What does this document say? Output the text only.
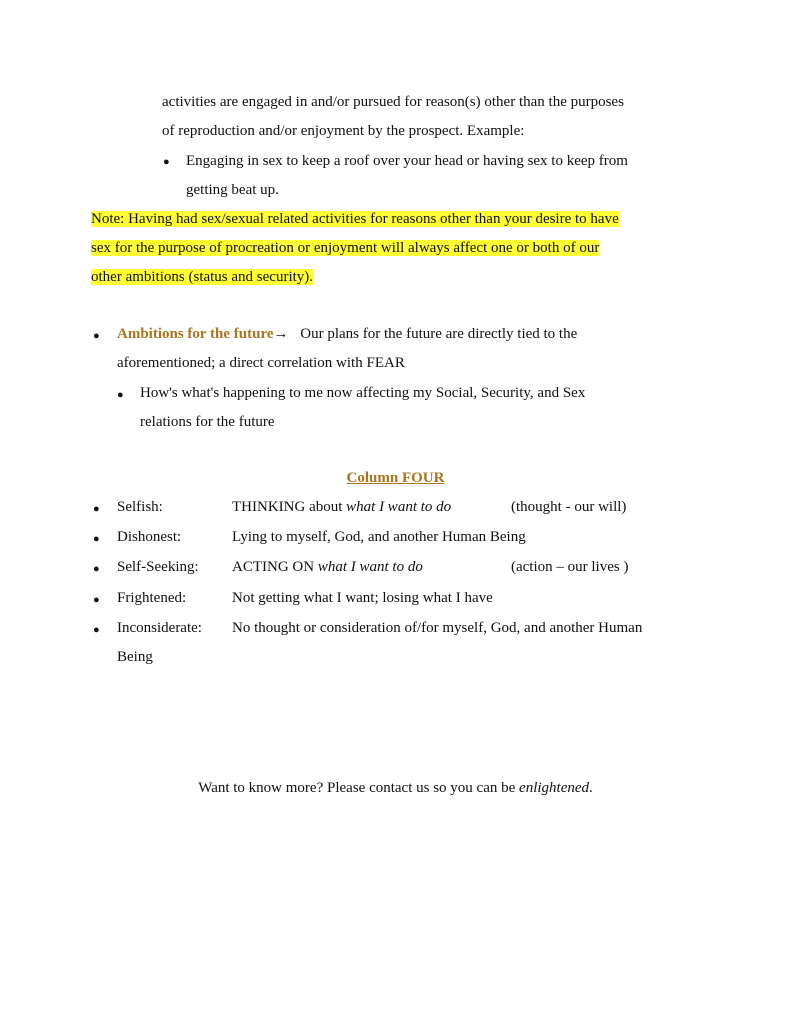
activities are engaged in and/or pursued for reason(s) other than the purposes
of reproduction and/or enjoyment by the prospect. Example:
● Engaging in sex to keep a roof over your head or having sex to keep from
getting beat up.
Note: Having had sex/sexual related activities for reasons other than your desire to have
sex for the purpose of procreation or enjoyment will always affect one or both of our
other ambitions (status and security).
● Ambitions for the future→ Our plans for the future are directly tied to the
aforementioned; a direct correlation with FEAR
● How's what's happening to me now affecting my Social, Security, and Sex
relations for the future
Column FOUR
● Selfish:	THINKING about what I want to do	(thought - our will)
● Dishonest:	Lying to myself, God, and another Human Being
● Self-Seeking: ACTING ON what I want to do	(action – our lives )
● Frightened:	Not getting what I want; losing what I have
● Inconsiderate: No thought or consideration of/for myself, God, and another Human
Being
Want to know more? Please contact us so you can be enlightened.
